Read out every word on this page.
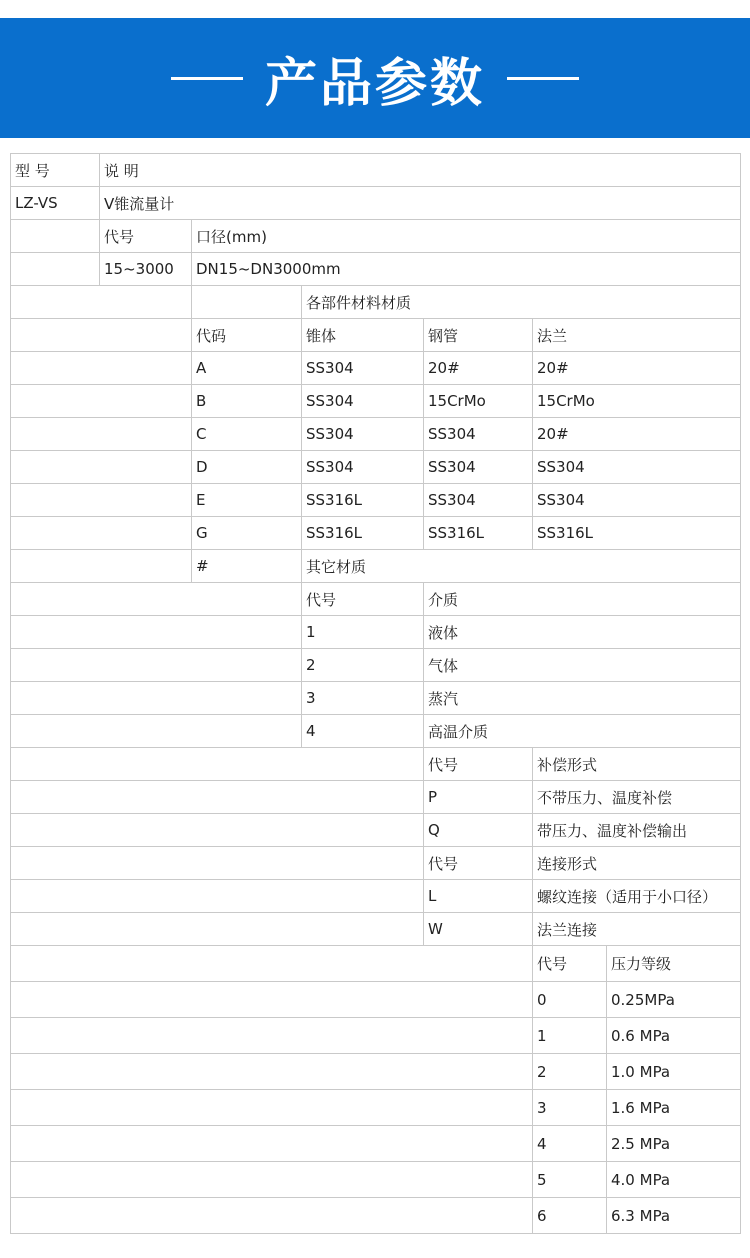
产品参数
型 号	说 明					
LZ-VS	V锥流量计					
	代号	口径(mm)				
	15~3000	DN15~DN3000mm				
			各部件材料材质			
		代码	锥体	钢管	法兰	
		A	SS304	20#	20#	
		B	SS304	15CrMo	15CrMo	
		C	SS304	SS304	20#	
		D	SS304	SS304	SS304	
		E	SS316L	SS304	SS304	
		G	SS316L	SS316L	SS316L	
		#	其它材质			
			代号	介质		
			1	液体		
			2	气体		
			3	蒸汽		
			4	高温介质		
				代号	补偿形式	
				P	不带压力、温度补偿	
				Q	带压力、温度补偿输出	
				代号	连接形式	
				L	螺纹连接（适用于小口径）	
				W	法兰连接	
					代号	压力等级
					0	0.25MPa
					1	0.6 MPa
					2	1.0 MPa
					3	1.6 MPa
					4	2.5 MPa
					5	4.0 MPa
					6	6.3 MPa
